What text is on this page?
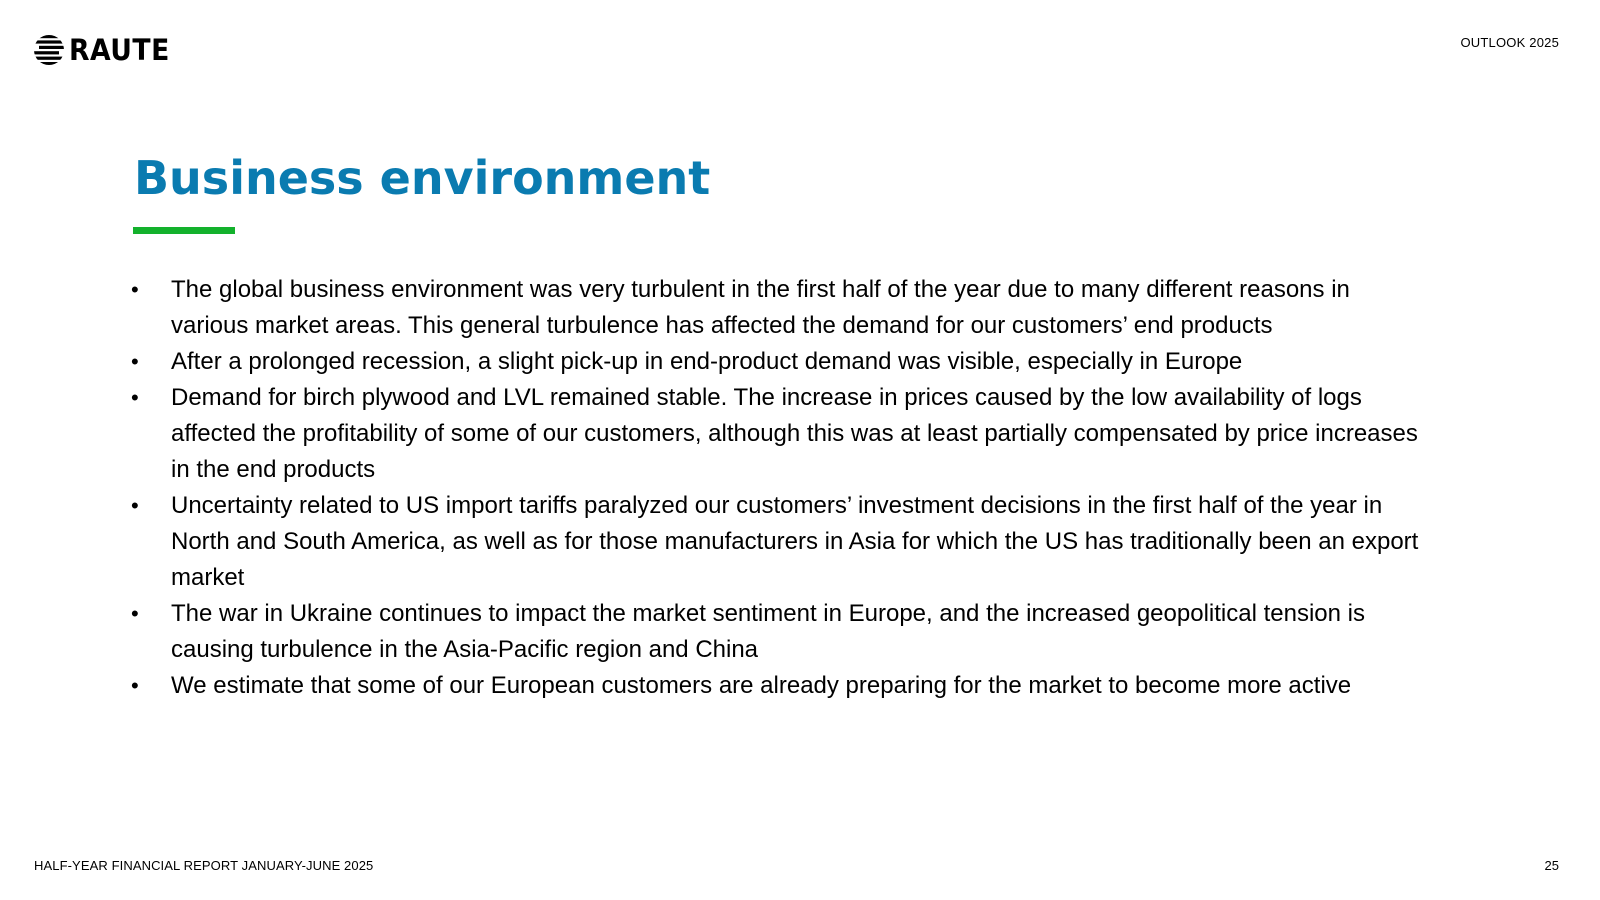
RAUTE	OUTLOOK 2025
Business environment
•	The global business environment was very turbulent in the first half of the year due to many different reasons in various market areas. This general turbulence has affected the demand for our customers’ end products
•	After a prolonged recession, a slight pick-up in end-product demand was visible, especially in Europe
•	Demand for birch plywood and LVL remained stable. The increase in prices caused by the low availability of logs affected the profitability of some of our customers, although this was at least partially compensated by price increases in the end products
•	Uncertainty related to US import tariffs paralyzed our customers’ investment decisions in the first half of the year in North and South America, as well as for those manufacturers in Asia for which the US has traditionally been an export market
•	The war in Ukraine continues to impact the market sentiment in Europe, and the increased geopolitical tension is causing turbulence in the Asia-Pacific region and China
•	We estimate that some of our European customers are already preparing for the market to become more active
HALF-YEAR FINANCIAL REPORT JANUARY-JUNE 2025	25
